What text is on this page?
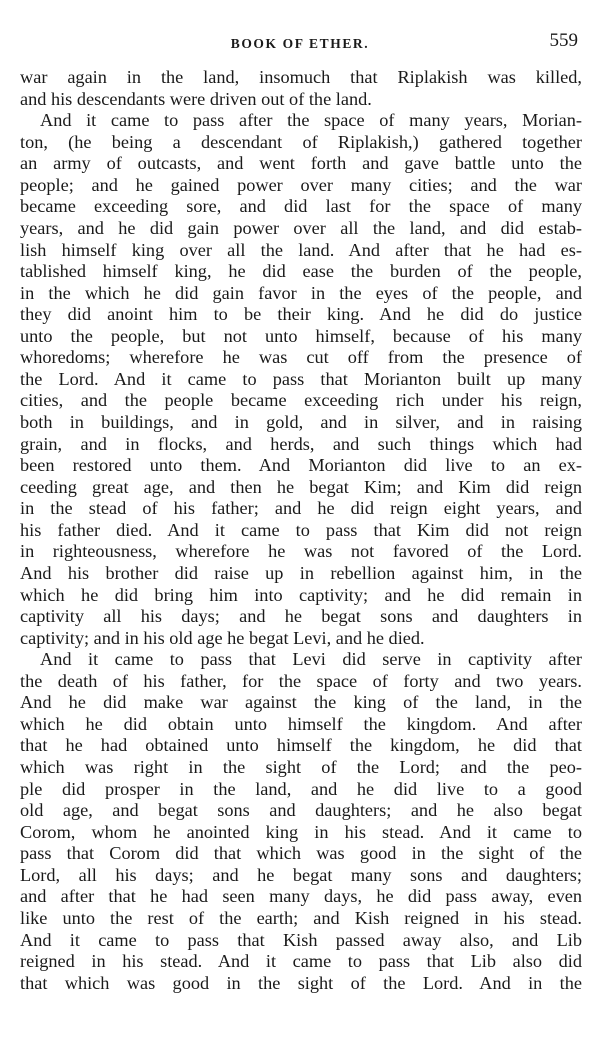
BOOK OF ETHER.	559
war again in the land, insomuch that Riplakish was killed,
and his descendants were driven out of the land.
And it came to pass after the space of many years, Morian-
ton, (he being a descendant of Riplakish,) gathered together
an army of outcasts, and went forth and gave battle unto the
people; and he gained power over many cities; and the war
became exceeding sore, and did last for the space of many
years, and he did gain power over all the land, and did estab-
lish himself king over all the land. And after that he had es-
tablished himself king, he did ease the burden of the people,
in the which he did gain favor in the eyes of the people, and
they did anoint him to be their king. And he did do justice
unto the people, but not unto himself, because of his many
whoredoms; wherefore he was cut off from the presence of
the Lord. And it came to pass that Morianton built up many
cities, and the people became exceeding rich under his reign,
both in buildings, and in gold, and in silver, and in raising
grain, and in flocks, and herds, and such things which had
been restored unto them. And Morianton did live to an ex-
ceeding great age, and then he begat Kim; and Kim did reign
in the stead of his father; and he did reign eight years, and
his father died. And it came to pass that Kim did not reign
in righteousness, wherefore he was not favored of the Lord.
And his brother did raise up in rebellion against him, in the
which he did bring him into captivity; and he did remain in
captivity all his days; and he begat sons and daughters in
captivity; and in his old age he begat Levi, and he died.
And it came to pass that Levi did serve in captivity after
the death of his father, for the space of forty and two years.
And he did make war against the king of the land, in the
which he did obtain unto himself the kingdom. And after
that he had obtained unto himself the kingdom, he did that
which was right in the sight of the Lord; and the peo-
ple did prosper in the land, and he did live to a good
old age, and begat sons and daughters; and he also begat
Corom, whom he anointed king in his stead. And it came to
pass that Corom did that which was good in the sight of the
Lord, all his days; and he begat many sons and daughters;
and after that he had seen many days, he did pass away, even
like unto the rest of the earth; and Kish reigned in his stead.
And it came to pass that Kish passed away also, and Lib
reigned in his stead. And it came to pass that Lib also did
that which was good in the sight of the Lord. And in the
